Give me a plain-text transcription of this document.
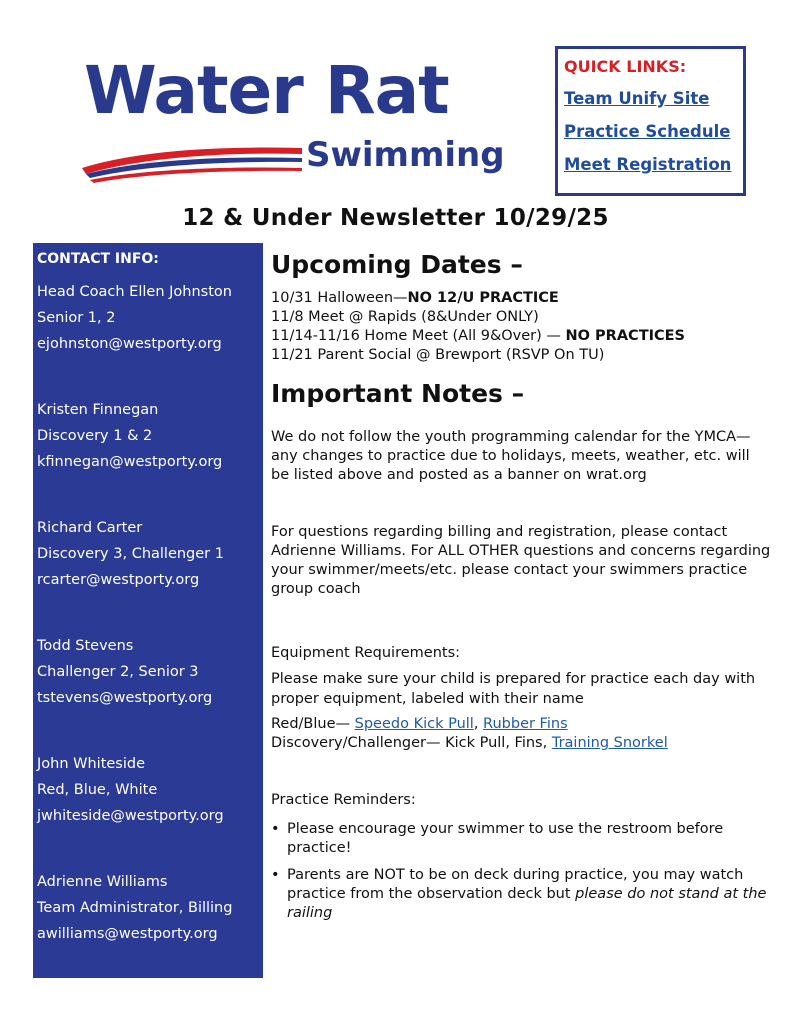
Water Rat
Swimming
QUICK LINKS:
Team Unify Site
Practice Schedule
Meet Registration
12 & Under Newsletter 10/29/25
CONTACT INFO:
Head Coach Ellen Johnston
Senior 1, 2
ejohnston@westporty.org
Kristen Finnegan
Discovery 1 & 2
kfinnegan@westporty.org
Richard Carter
Discovery 3, Challenger 1
rcarter@westporty.org
Todd Stevens
Challenger 2, Senior 3
tstevens@westporty.org
John Whiteside
Red, Blue, White
jwhiteside@westporty.org
Adrienne Williams
Team Administrator, Billing
awilliams@westporty.org
Upcoming Dates –
10/31 Halloween—NO 12/U PRACTICE
11/8 Meet @ Rapids (8&Under ONLY)
11/14-11/16 Home Meet (All 9&Over) — NO PRACTICES
11/21 Parent Social @ Brewport (RSVP On TU)
Important Notes –
We do not follow the youth programming calendar for the YMCA—any changes to practice due to holidays, meets, weather, etc. will be listed above and posted as a banner on wrat.org
For questions regarding billing and registration, please contact Adrienne Williams. For ALL OTHER questions and concerns regarding your swimmer/meets/etc. please contact your swimmers practice group coach
Equipment Requirements:
Please make sure your child is prepared for practice each day with proper equipment, labeled with their name
Red/Blue— Speedo Kick Pull, Rubber Fins
Discovery/Challenger— Kick Pull, Fins, Training Snorkel
Practice Reminders:
• Please encourage your swimmer to use the restroom before practice!
• Parents are NOT to be on deck during practice, you may watch practice from the observation deck but please do not stand at the railing
